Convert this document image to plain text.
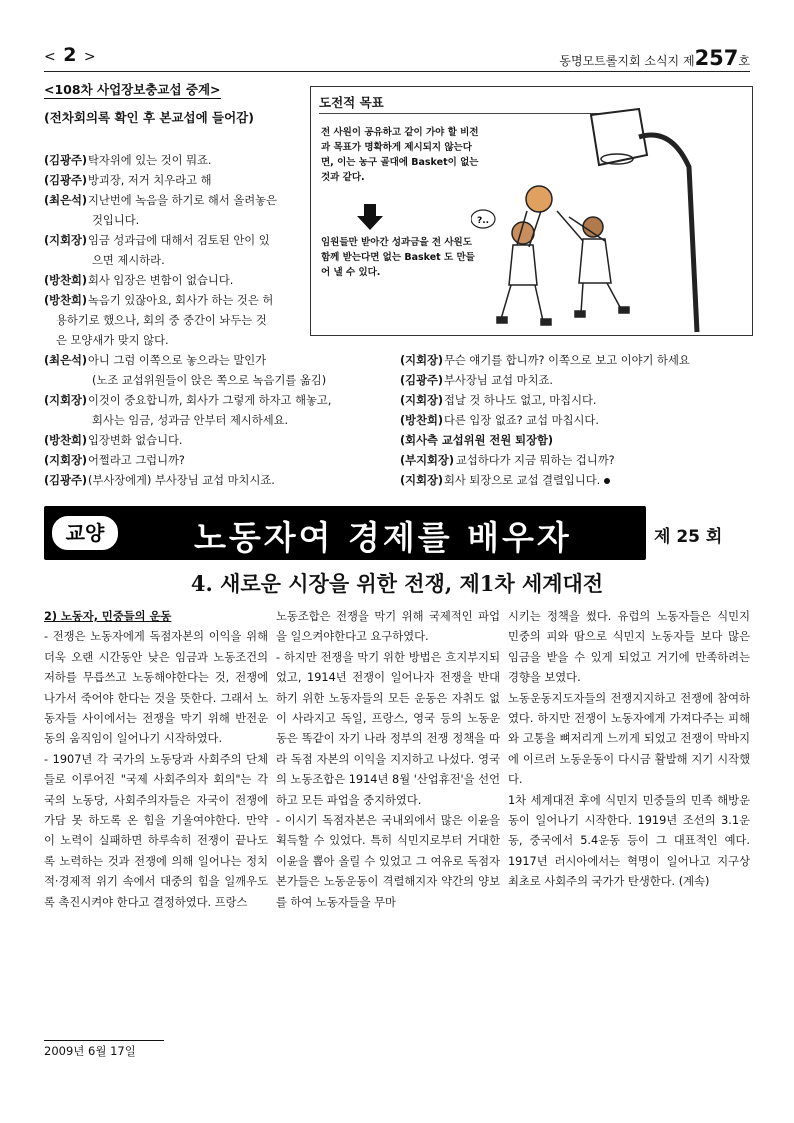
< 2 >	동명모트롤지회 소식지 제257호
<108차 사업장보충교섭 중계>
(전차회의록 확인 후 본교섭에 들어감)
(김광주) 탁자위에 있는 것이 뭐죠.
(김광주) 방괴장, 저거 치우라고 해
(최은석) 지난번에 녹음을 하기로 해서 올려놓은
것입니다.
(지회장) 임금 성과급에 대해서 검토된 안이 있
으면 제시하라.
(방찬희) 회사 입장은 변함이 없습니다.
(방찬희) 녹음기 있잖아요, 회사가 하는 것은 허
용하기로 했으나, 회의 중 중간이 놔두는 것
은 모양새가 맞지 않다.
(최은석) 아니 그럼 이쪽으로 놓으라는 말인가
(노조 교섭위원들이 앉은 쪽으로 녹음기를 옮김)
(지회장) 이것이 중요합니까, 회사가 그렇게 하자고 해놓고,
회사는 임금, 성과금 안부터 제시하세요.
(방찬희) 입장변화 없습니다.
(지회장) 어쩔라고 그럽니까?
(김광주) (부사장에게) 부사장님 교섭 마치시죠.
(지회장) 무슨 얘기를 합니까? 이쪽으로 보고 이야기 하세요
(김광주) 부사장님 교섭 마치죠.
(지회장) 접날 것 하나도 없고, 마칩시다.
(방찬희) 다른 입장 없죠? 교섭 마칩시다.
(회사측 교섭위원 전원 퇴장함)
(부지회장) 교섭하다가 지금 뭐하는 겁니까?
(지회장) 회사 퇴장으로 교섭 결렬입니다.
도전적 목표
전 사원이 공유하고 같이 가야 할 비전과 목표가 명확하게 제시되지 않는다면, 이는 농구 골대에 Basket이 없는 것과 같다.
임원들만 받아간 성과금을 전 사원도 함께 받는다면 없는 Basket 도 만들어 낼 수 있다.
?..
교양	노동자여 경제를 배우자	제 25 회
4. 새로운 시장을 위한 전쟁, 제1차 세계대전
2) 노동자, 민중들의 운동
- 전쟁은 노동자에게 독점자본의 이익을 위해 더욱 오랜 시간동안 낮은 임금과 노동조건의 저하를 무릅쓰고 노동해야한다는 것, 전쟁에 나가서 죽어야 한다는 것을 뜻한다. 그래서 노동자들 사이에서는 전쟁을 막기 위해 반전운동의 움직임이 일어나기 시작하였다.
- 1907년 각 국가의 노동당과 사회주의 단체들로 이루어진 "국제 사회주의자 회의"는 각국의 노동당, 사회주의자들은 자국이 전쟁에 가담 못 하도록 온 힘을 기울여야한다. 만약 이 노력이 실패하면 하루속히 전쟁이 끝나도록 노력하는 것과 전쟁에 의해 일어나는 정치적·경제적 위기 속에서 대중의 힘을 일깨우도록 촉진시켜야 한다고 결정하였다. 프랑스
노동조합은 전쟁을 막기 위해 국제적인 파업을 일으켜야한다고 요구하였다.
- 하지만 전쟁을 막기 위한 방법은 흐지부지되었고, 1914년 전쟁이 일어나자 전쟁을 반대하기 위한 노동자들의 모든 운동은 자취도 없이 사라지고 독일, 프랑스, 영국 등의 노동운동은 똑같이 자기 나라 정부의 전쟁 정책을 따라 독점 자본의 이익을 지지하고 나섰다. 영국의 노동조합은 1914년 8월 '산업휴전'을 선언하고 모든 파업을 중지하였다.
- 이시기 독점자본은 국내외에서 많은 이윤을 획득할 수 있었다. 특히 식민지로부터 거대한 이윤을 뽑아 올릴 수 있었고 그 여유로 독점자본가들은 노동운동이 격렬해지자 약간의 양보를 하여 노동자들을 무마
시키는 정책을 썼다. 유럽의 노동자들은 식민지 민중의 피와 땀으로 식민지 노동자들 보다 많은 임금을 받을 수 있게 되었고 거기에 만족하려는 경향을 보였다.
노동운동지도자들의 전쟁지지하고 전쟁에 참여하였다. 하지만 전쟁이 노동자에게 가져다주는 피해와 고통을 뼈저리게 느끼게 되었고 전쟁이 막바지에 이르러 노동운동이 다시금 활발해 지기 시작했다.
1차 세계대전 후에 식민지 민중들의 민족 해방운동이 일어나기 시작한다. 1919년 조선의 3.1운동, 중국에서 5.4운동 등이 그 대표적인 예다. 1917년 러시아에서는 혁명이 일어나고 지구상 최초로 사회주의 국가가 탄생한다. (계속)
2009년 6월 17일
